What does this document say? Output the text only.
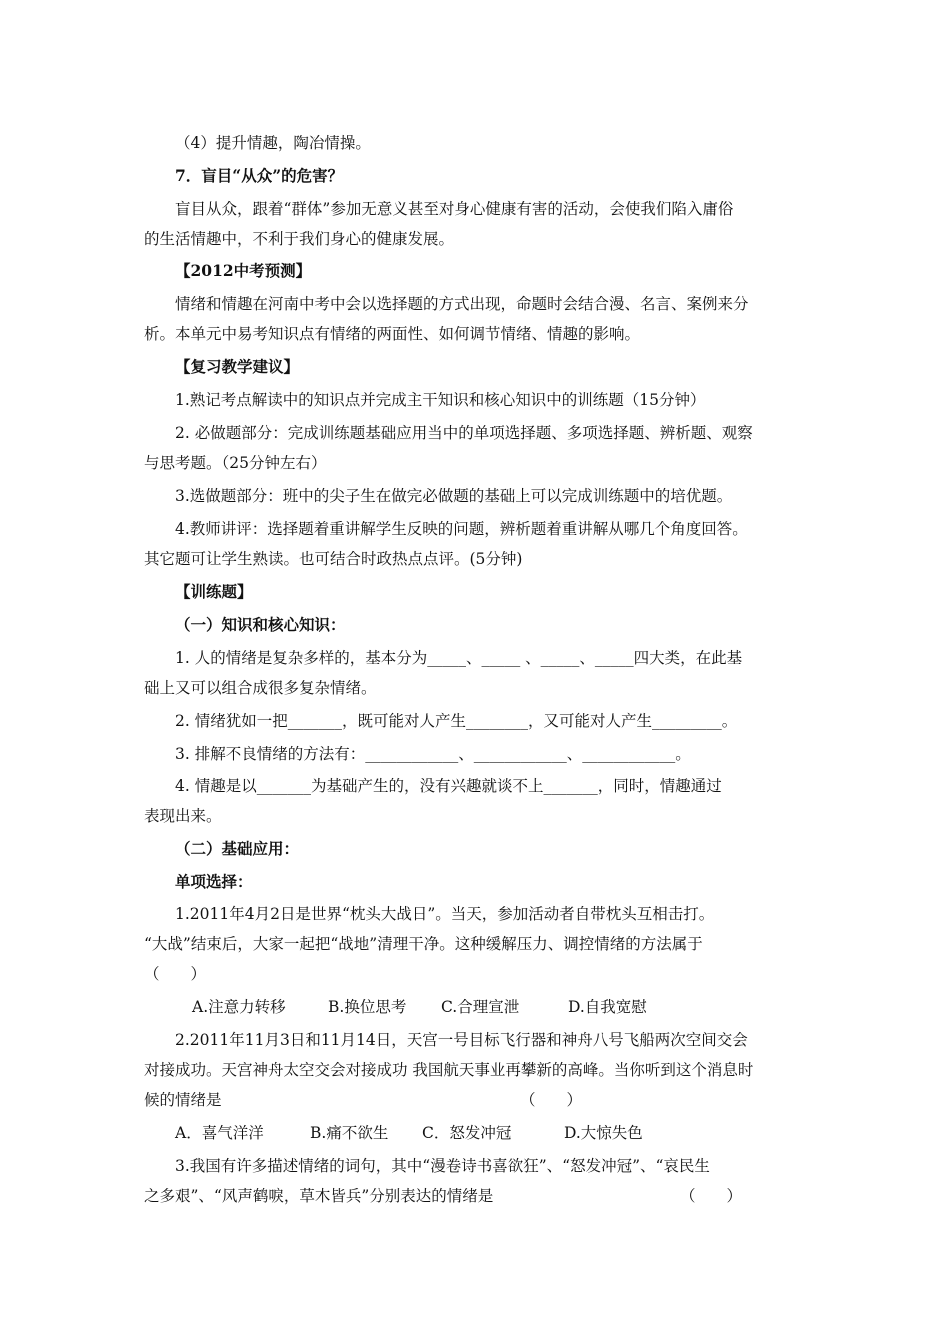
（4）提升情趣，陶冶情操。
7．盲目“从众”的危害？
盲目从众，跟着“群体”参加无意义甚至对身心健康有害的活动，会使我们陷入庸俗
的生活情趣中，不利于我们身心的健康发展。
【2012中考预测】
情绪和情趣在河南中考中会以选择题的方式出现，命题时会结合漫、名言、案例来分
析。本单元中易考知识点有情绪的两面性、如何调节情绪、情趣的影响。
【复习教学建议】
1.熟记考点解读中的知识点并完成主干知识和核心知识中的训练题（15分钟）
2. 必做题部分：完成训练题基础应用当中的单项选择题、多项选择题、辨析题、观察
与思考题。（25分钟左右）
3.选做题部分：班中的尖子生在做完必做题的基础上可以完成训练题中的培优题。
4.教师讲评：选择题着重讲解学生反映的问题，辨析题着重讲解从哪几个角度回答。
其它题可让学生熟读。也可结合时政热点点评。(5分钟)
【训练题】
（一）知识和核心知识：
1. 人的情绪是复杂多样的，基本分为_____、_____ 、_____、_____四大类，在此基
础上又可以组合成很多复杂情绪。
2. 情绪犹如一把_______，既可能对人产生________，又可能对人产生_________。
3. 排解不良情绪的方法有：____________、____________、____________。
4. 情趣是以_______为基础产生的，没有兴趣就谈不上_______，同时，情趣通过
表现出来。
（二）基础应用：
单项选择：
1.2011年4月2日是世界“枕头大战日”。当天，参加活动者自带枕头互相击打。
“大战”结束后，大家一起把“战地”清理干净。这种缓解压力、调控情绪的方法属于
（　　）
A.注意力转移	B.换位思考 C.合理宣泄	D.自我宽慰
2.2011年11月3日和11月14日，天宫一号目标飞行器和神舟八号飞船两次空间交会
对接成功。天宫神舟太空交会对接成功 我国航天事业再攀新的高峰。当你听到这个消息时
候的情绪是	（　　）
A．喜气洋洋	B.痛不欲生 C．怒发冲冠	D.大惊失色
3.我国有许多描述情绪的词句，其中“漫卷诗书喜欲狂”、“怒发冲冠”、“哀民生
之多艰”、“风声鹤唳，草木皆兵”分别表达的情绪是	（　　）
